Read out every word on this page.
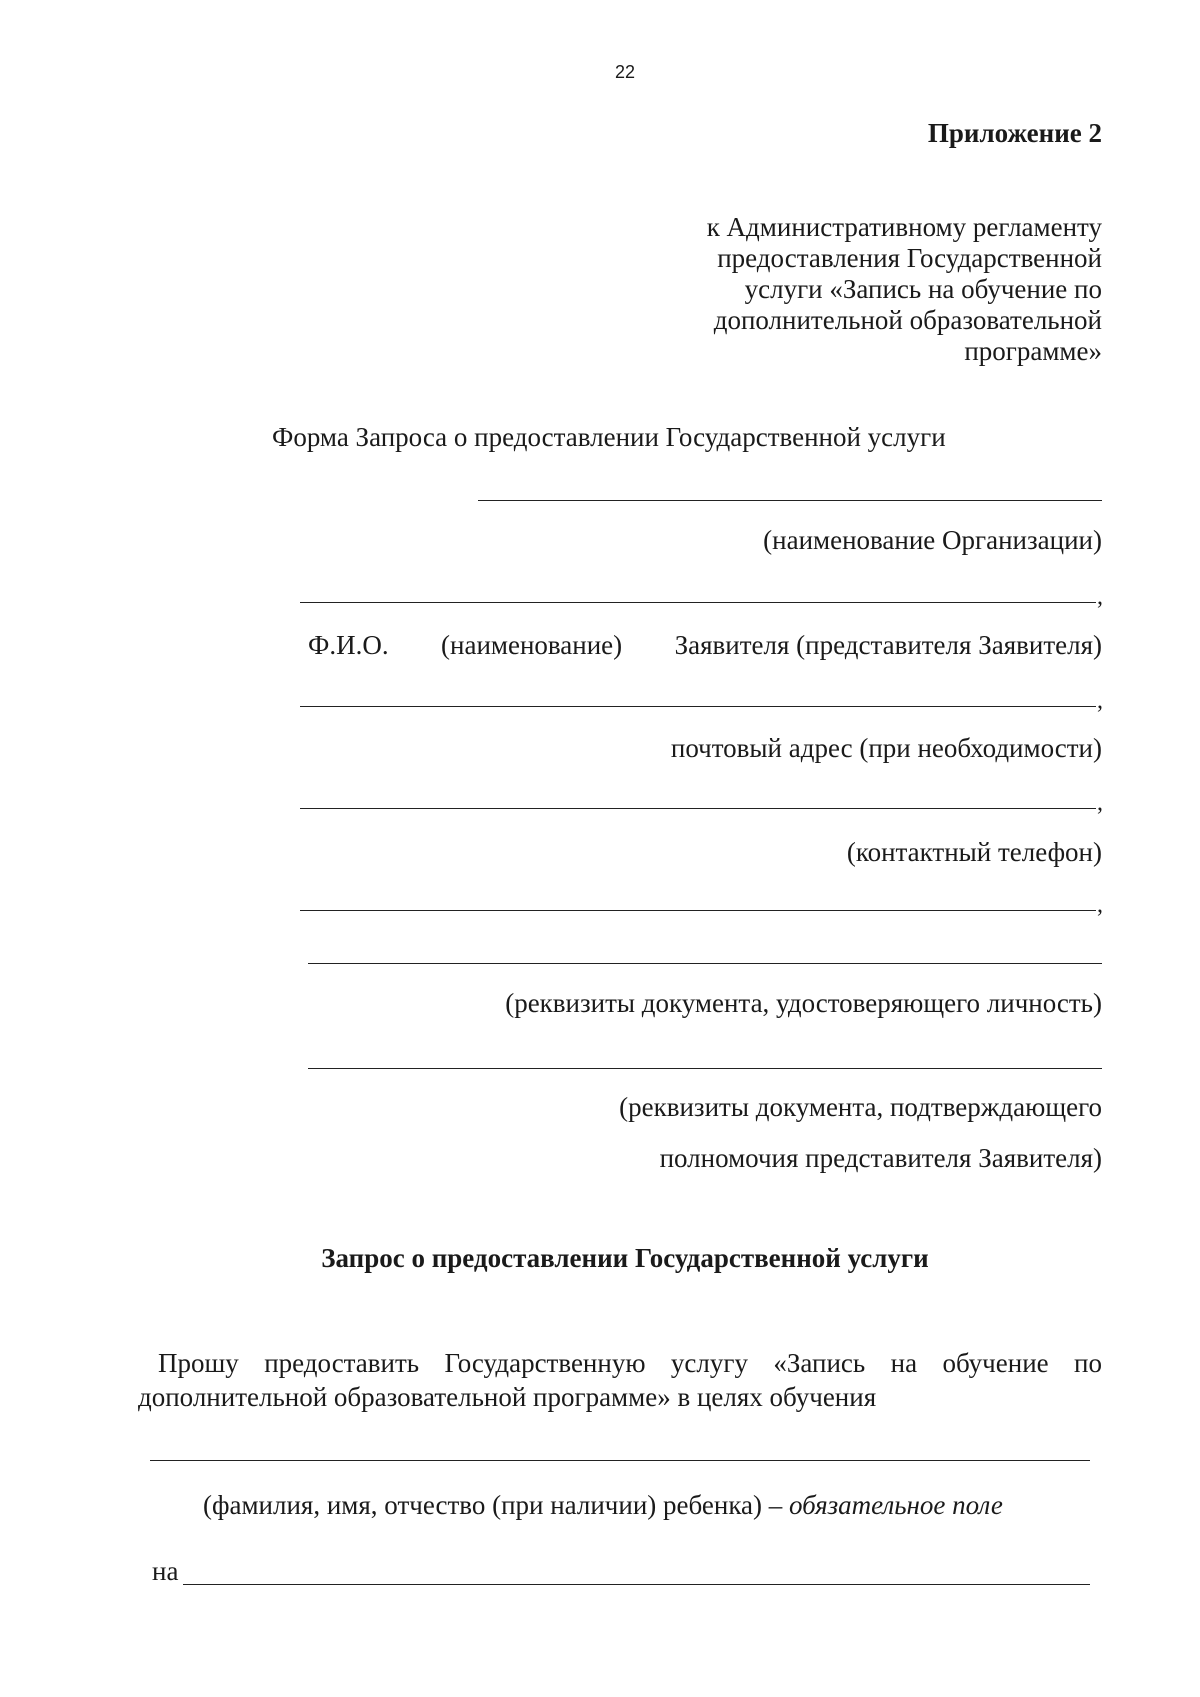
22
Приложение 2
к Административному регламенту
предоставления Государственной
услуги «Запись на обучение по
дополнительной образовательной
программе»
Форма Запроса о предоставлении Государственной услуги
(наименование Организации)
,
Ф.И.О. (наименование) Заявителя (представителя Заявителя)
,
почтовый адрес (при необходимости)
,
(контактный телефон)
,
(реквизиты документа, удостоверяющего личность)
(реквизиты документа, подтверждающего
полномочия представителя Заявителя)
Запрос о предоставлении Государственной услуги
Прошу предоставить Государственную услугу «Запись на обучение по
дополнительной образовательной программе» в целях обучения
(фамилия, имя, отчество (при наличии) ребенка) – обязательное поле
на
